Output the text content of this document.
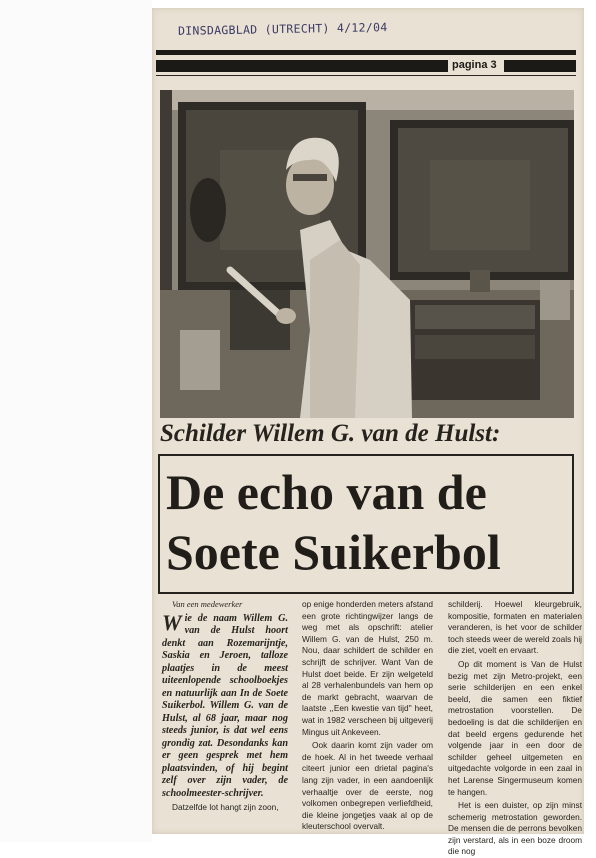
DINSDAGBLAD (UTRECHT) 4/12/04
pagina 3
Schilder Willem G. van de Hulst:
De echo van de
Soete Suikerbol
Van een medewerker

Wie de naam Willem G. van de Hulst hoort denkt aan Rozemarijntje, Saskia en Jeroen, talloze plaatjes in de meest uiteenlopende schoolboekjes en natuurlijk aan In de Soete Suikerbol. Willem G. van de Hulst, al 68 jaar, maar nog steeds junior, is dat wel eens grondig zat. Desondanks kan er geen gesprek met hem plaatsvinden, of hij begint zelf over zijn vader, de schoolmeester-schrijver.

Datzelfde lot hangt zijn zoon,

op enige honderden meters afstand een grote richtingwijzer langs de weg met als opschrift: atelier Willem G. van de Hulst, 250 m. Nou, daar schildert de schilder en schrijft de schrijver. Want Van de Hulst doet beide. Er zijn welgeteld al 28 verhalenbundels van hem op de markt gebracht, waarvan de laatste ,,Een kwestie van tijd'' heet, wat in 1982 verscheen bij uitgeverij Mingus uit Ankeveen.

Ook daarin komt zijn vader om de hoek. Al in het tweede verhaal citeert junior een drietal pagina's lang zijn vader, in een aandoenlijk verhaaltje over de eerste, nog volkomen onbegrepen verliefdheid, die kleine jongetjes vaak al op de kleuterschool overvalt.

schilderij. Hoewel kleurgebruik, kompositie, formaten en materialen veranderen, is het voor de schilder toch steeds weer de wereld zoals hij die ziet, voelt en ervaart.

Op dit moment is Van de Hulst bezig met zijn Metro-projekt, een serie schilderijen en een enkel beeld, die samen een fiktief metrostation voorstellen. De bedoeling is dat die schilderijen en dat beeld ergens gedurende het volgende jaar in een door de schilder geheel uitgemeten en uitgedachte volgorde in een zaal in het Larense Singermuseum komen te hangen.

Het is een duister, op zijn minst schemerig metrostation geworden. De mensen die de perrons bevolken zijn verstard, als in een boze droom die nog
